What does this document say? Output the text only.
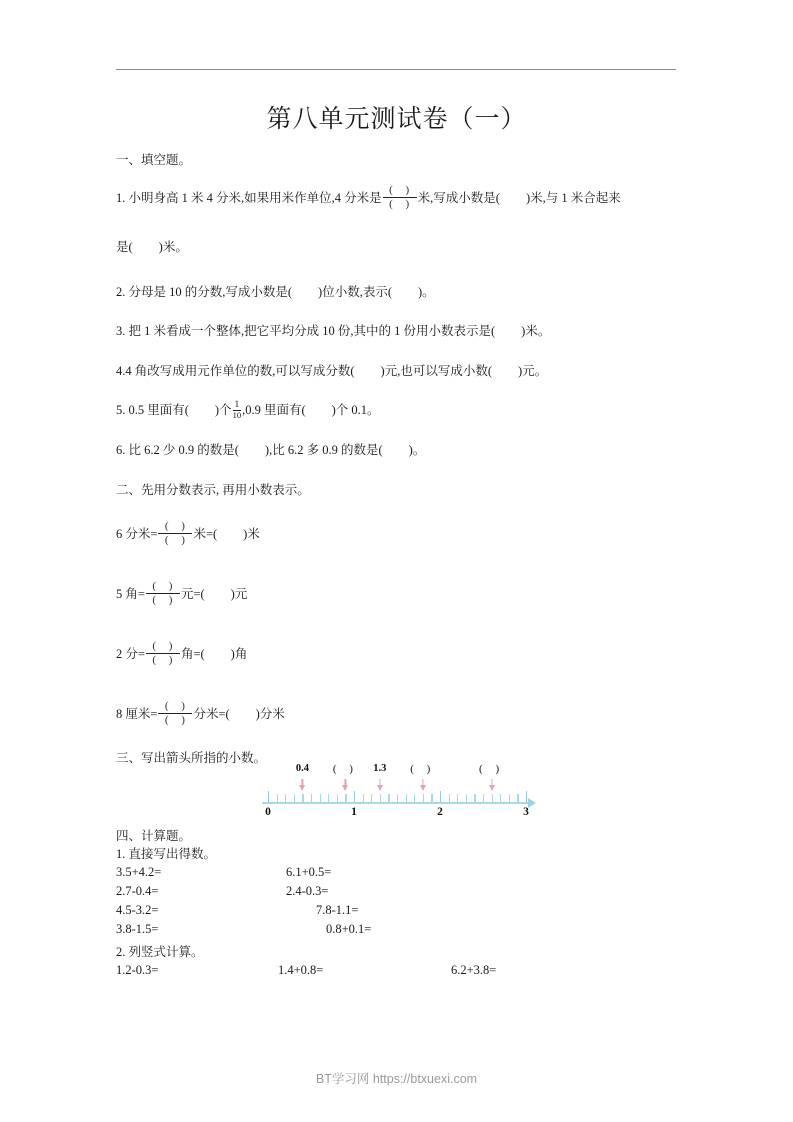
第八单元测试卷（一）
一、填空题。
1. 小明身高 1 米 4 分米,如果用米作单位,4 分米是 $\frac{( )}{( )}$ 米,写成小数是( )米,与 1 米合起来
是( )米。
2. 分母是 10 的分数,写成小数是( )位小数,表示( )。
3. 把 1 米看成一个整体,把它平均分成 10 份,其中的 1 份用小数表示是( )米。
4.4 角改写成用元作单位的数,可以写成分数( )元,也可以写成小数( )元。
5. 0.5 里面有( )个 $\frac{1}{10} ,0.9$ 里面有( )个 0.1。
6. 比 6.2 少 0.9 的数是( ),比 6.2 多 0.9 的数是( )。
二、先用分数表示, 再用小数表示。
6 分米= $\frac{( )}{( )}$ 米=( )米
5 角= $\frac{( )}{( )}$ 元=( )元
2 分= $\frac{( )}{( )}$ 角=( )角
8 厘米= $\frac{( )}{( )}$ 分米=( )分米
三、写出箭头所指的小数。
0	1	2	3
0.4 ( ) 1.3 ( )	( )
四、计算题。
1. 直接写出得数。
3.5+4.2=	6.1+0.5=
2.7-0.4=	2.4-0.3=
4.5-3.2=	7.8-1.1=
3.8-1.5=	0.8+0.1=
2. 列竖式计算。
1.2-0.3=	1.4+0.8=	6.2+3.8=
BT学习网 https://btxuexi.com
